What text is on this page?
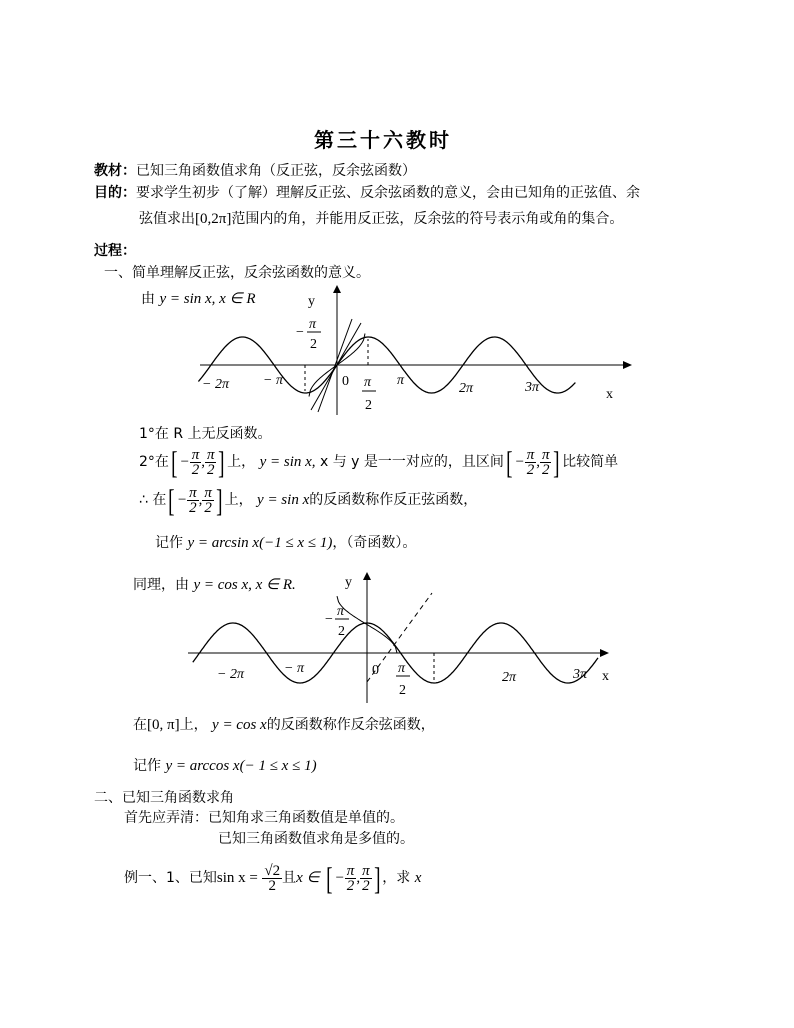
第三十六教时
教材：已知三角函数值求角（反正弦，反余弦函数）
目的：要求学生初步（了解）理解反正弦、反余弦函数的意义，会由已知角的正弦值、余
弦值求出[0,2π]范围内的角，并能用反正弦，反余弦的符号表示角或角的集合。
过程：
一、简单理解反正弦，反余弦函数的意义。
由 y = sin x, x ∈ R	y
x
−
π
2
− 2π − π	0 π
2
π
2π	3π
1°在 R 上无反函数。
2°在[ − $\frac{\pi}{2}$ , $\frac{\pi}{2}$ ] 上， y = sin x, x 与 y 是一一对应的，且区间[ − $\frac{\pi}{2}$ , $\frac{\pi}{2}$ ] 比较简单
∴ 在[ − $\frac{\pi}{2}$ , $\frac{\pi}{2}$ ] 上， y = sin x的反函数称作反正弦函数，
记作 y = arcsin x(−1 ≤ x ≤ 1)，（奇函数）。
同理，由 y = cos x, x ∈ R.	y
x
−
π
2
− 2π	− π	0 π
2
2π	3π
在[0, π]上， y = cos x的反函数称作反余弦函数，
记作 y = arccos x(− 1 ≤ x ≤ 1)
二、已知三角函数求角
首先应弄清：已知角求三角函数值是单值的。
已知三角函数值求角是多值的。
例一、1、已知$\sin x = \frac{√2}{2}$ 且x ∈ [ − $\frac{\pi}{2}$ , $\frac{\pi}{2}$ ] ，求 x
